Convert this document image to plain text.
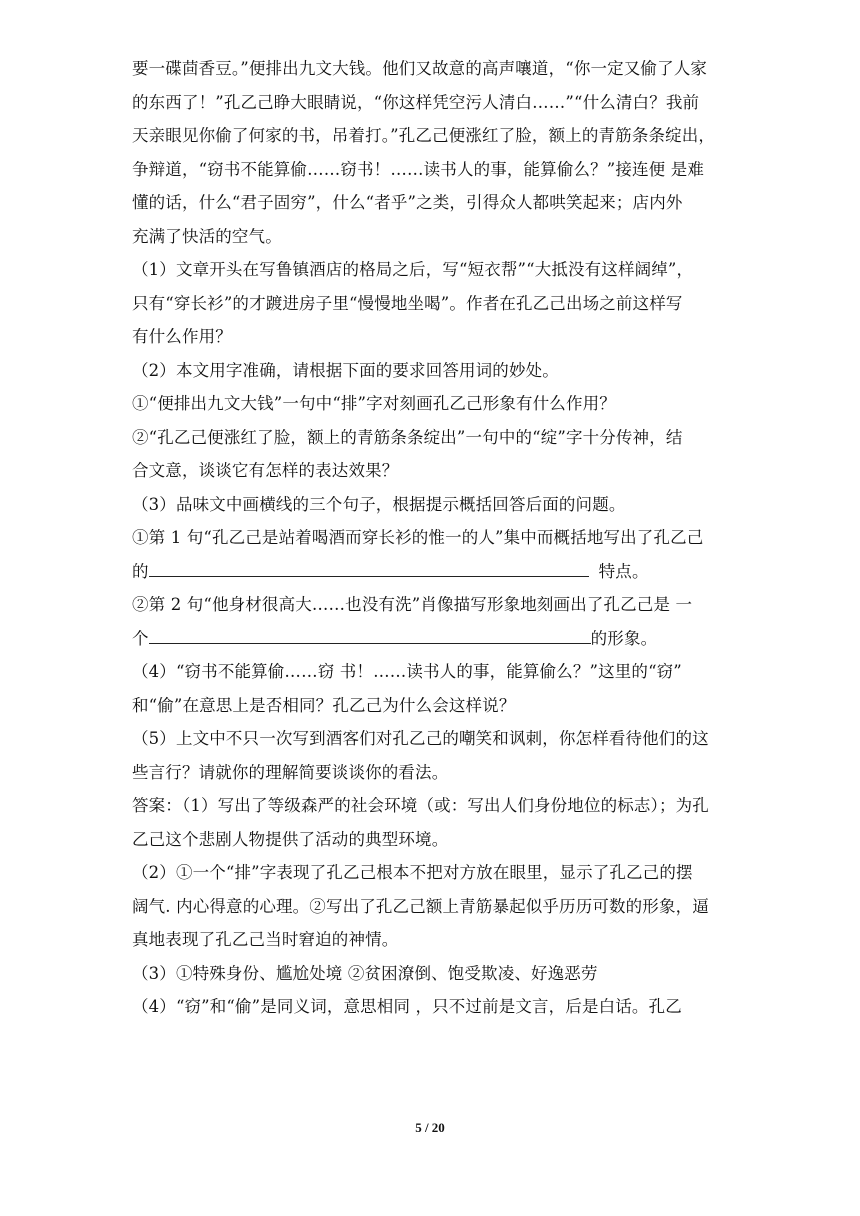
要一碟茴香豆。”便排出九文大钱。他们又故意的高声嚷道，“你一定又偷了人家
的东西了！”孔乙己睁大眼睛说，“你这样凭空污人清白……”“什么清白？我前
天亲眼见你偷了何家的书，吊着打。”孔乙己便涨红了脸，额上的青筋条条绽出，
争辩道，“窃书不能算偷……窃书！……读书人的事，能算偷么？”接连便 是难
懂的话，什么“君子固穷”，什么“者乎”之类，引得众人都哄笑起来；店内外
充满了快活的空气。
（1）文章开头在写鲁镇酒店的格局之后，写“短衣帮”“大抵没有这样阔绰”，
只有“穿长衫”的才踱进房子里“慢慢地坐喝”。作者在孔乙己出场之前这样写
有什么作用？
（2）本文用字准确，请根据下面的要求回答用词的妙处。
①“便排出九文大钱”一句中“排”字对刻画孔乙己形象有什么作用？
②“孔乙己便涨红了脸，额上的青筋条条绽出”一句中的“绽”字十分传神，结
合文意，谈谈它有怎样的表达效果？
（3）品味文中画横线的三个句子，根据提示概括回答后面的问题。
①第 1 句“孔乙己是站着喝酒而穿长衫的惟一的人”集中而概括地写出了孔乙己
的	特点。
②第 2 句“他身材很高大……也没有洗”肖像描写形象地刻画出了孔乙己是 一
个	的形象。
（4）“窃书不能算偷……窃 书！……读书人的事，能算偷么？”这里的“窃”
和“偷”在意思上是否相同？孔乙己为什么会这样说？
（5）上文中不只一次写到酒客们对孔乙己的嘲笑和讽刺，你怎样看待他们的这
些言行？请就你的理解简要谈谈你的看法。
答案：（1）写出了等级森严的社会环境（或：写出人们身份地位的标志）；为孔
乙己这个悲剧人物提供了活动的典型环境。
（2）①一个“排”字表现了孔乙己根本不把对方放在眼里，显示了孔乙己的摆
阔气. 内心得意的心理。②写出了孔乙己额上青筋暴起似乎历历可数的形象，逼
真地表现了孔乙己当时窘迫的神情。
（3）①特殊身份、尴尬处境 ②贫困潦倒、饱受欺凌、好逸恶劳
（4）“窃”和“偷”是同义词，意思相同 ，只不过前是文言，后是白话。孔乙
5 / 20
